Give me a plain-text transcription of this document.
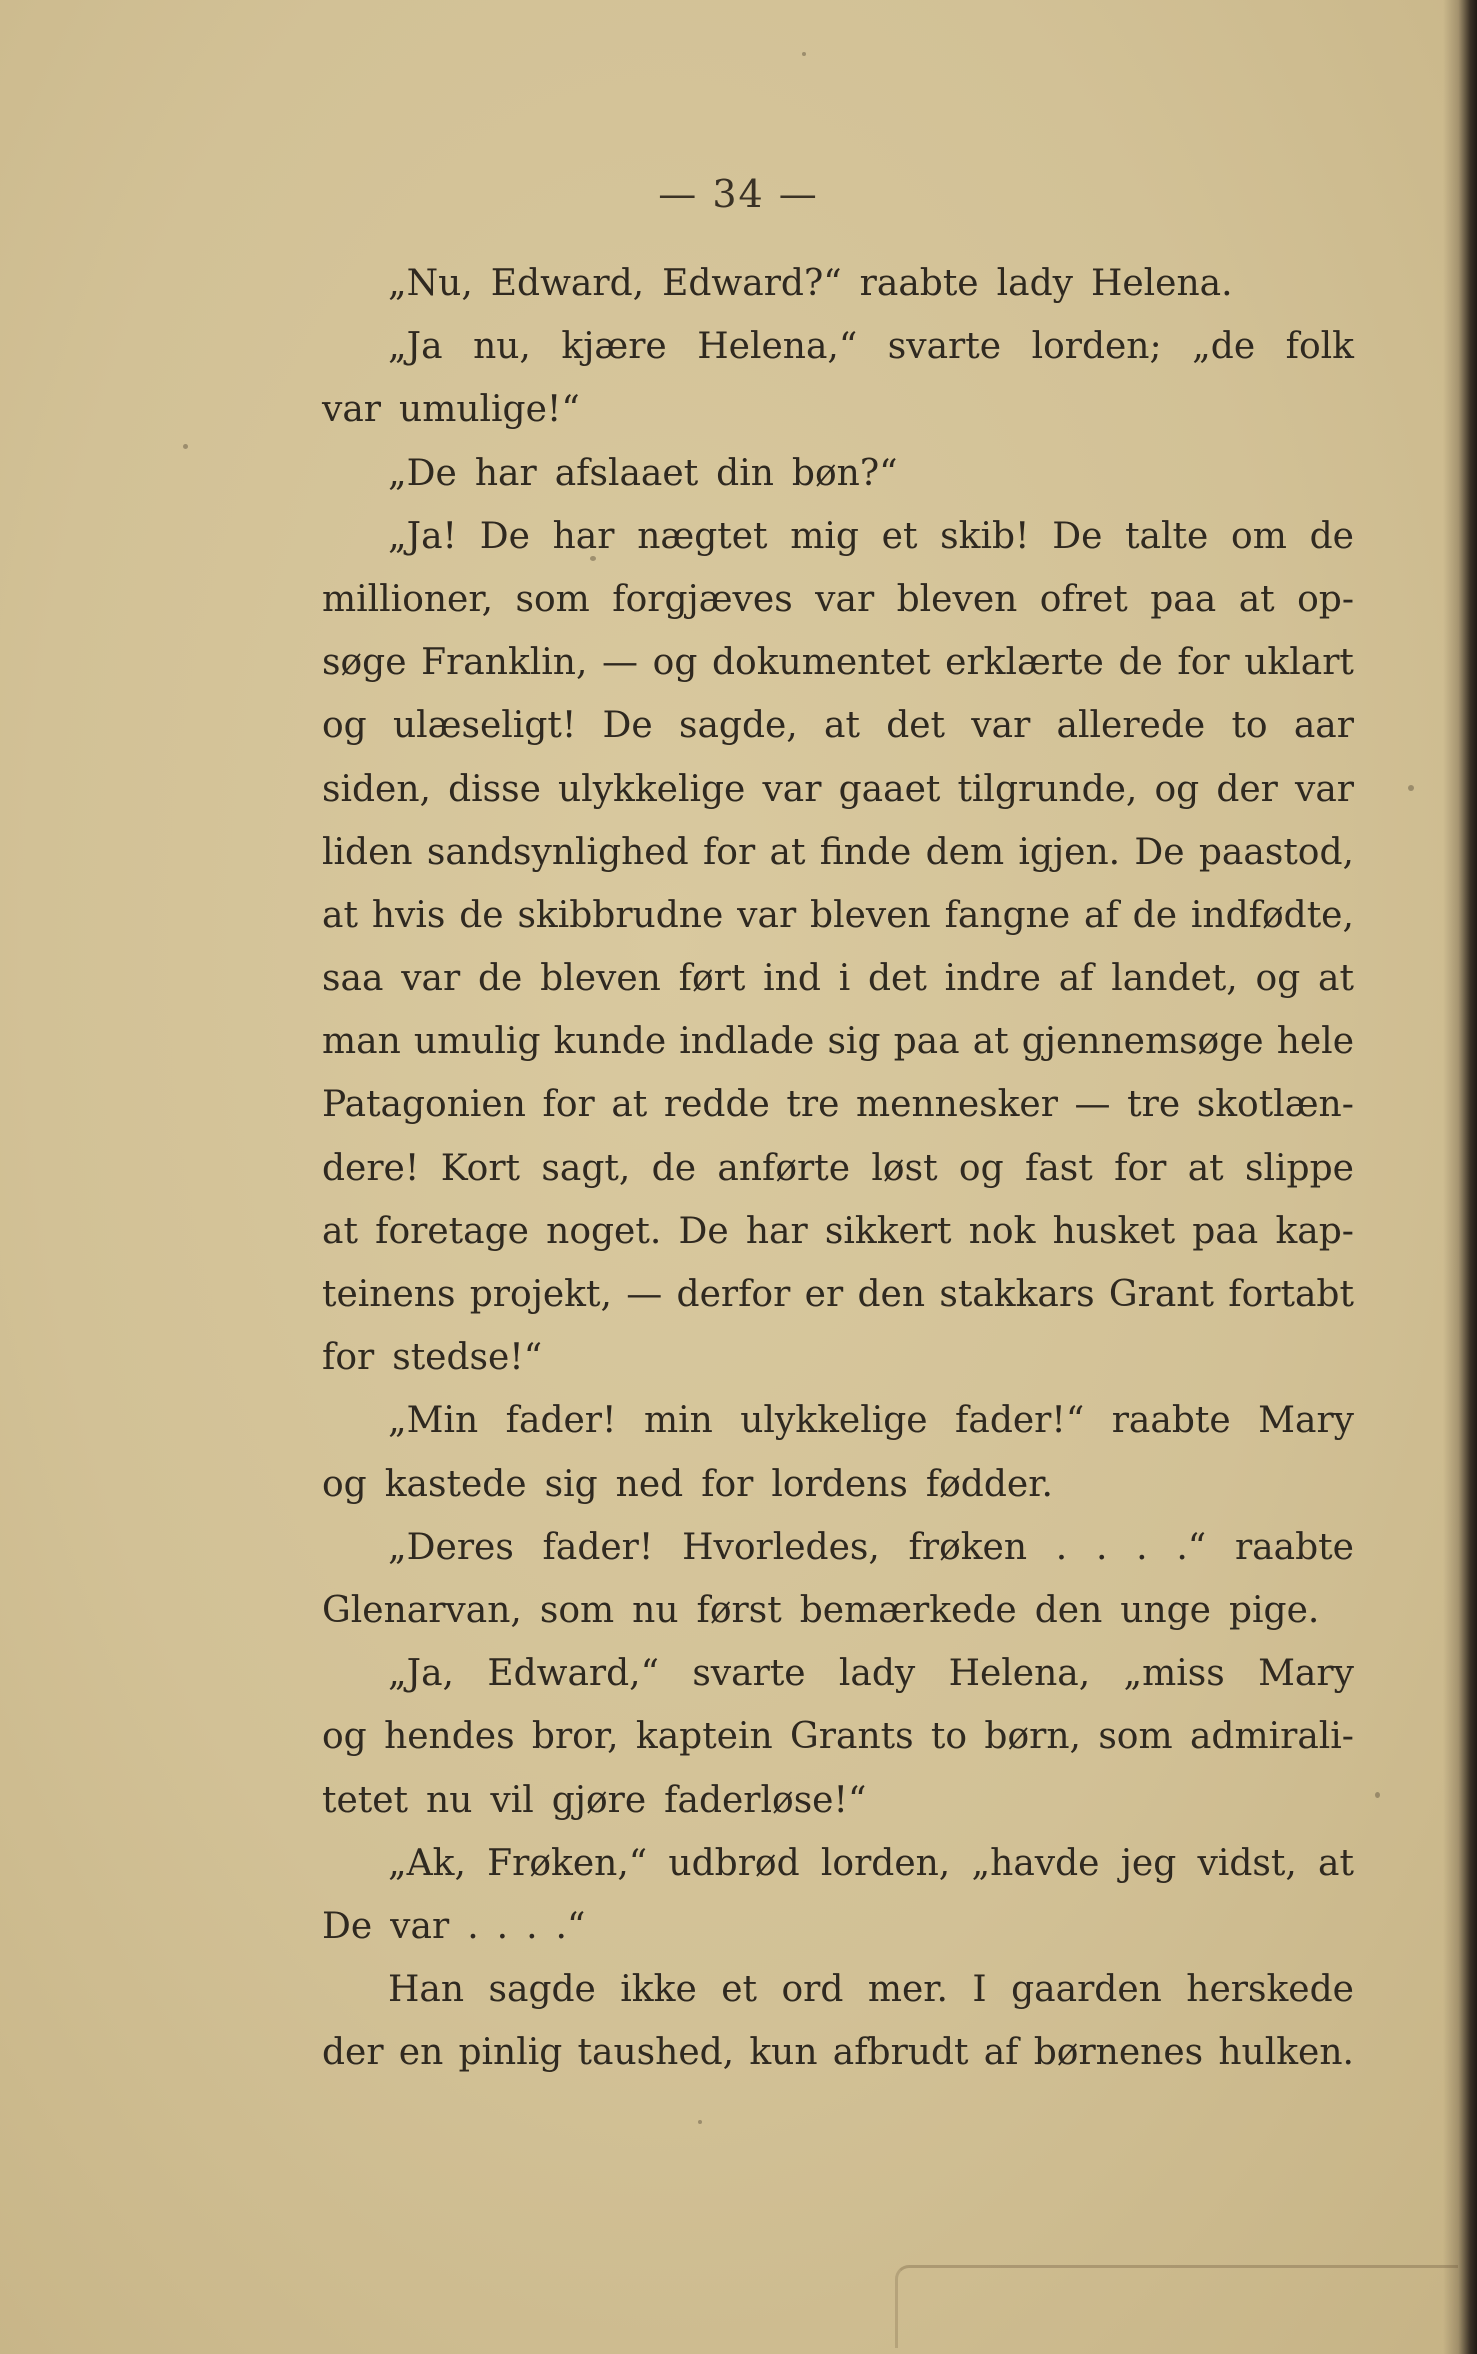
— 34 —
„Nu, Edward, Edward?“ raabte lady Helena.
„Ja nu, kjære Helena,“ svarte lorden; „de folk
var umulige!“
„De har afslaaet din bøn?“
„Ja! De har nægtet mig et skib! De talte om de
millioner, som forgjæves var bleven ofret paa at op-
søge Franklin, — og dokumentet erklærte de for uklart
og ulæseligt! De sagde, at det var allerede to aar
siden, disse ulykkelige var gaaet tilgrunde, og der var
liden sandsynlighed for at finde dem igjen. De paastod,
at hvis de skibbrudne var bleven fangne af de indfødte,
saa var de bleven ført ind i det indre af landet, og at
man umulig kunde indlade sig paa at gjennemsøge hele
Patagonien for at redde tre mennesker — tre skotlæn-
dere! Kort sagt, de anførte løst og fast for at slippe
at foretage noget. De har sikkert nok husket paa kap-
teinens projekt, — derfor er den stakkars Grant fortabt
for stedse!“
„Min fader! min ulykkelige fader!“ raabte Mary
og kastede sig ned for lordens fødder.
„Deres fader! Hvorledes, frøken . . . .“ raabte
Glenarvan, som nu først bemærkede den unge pige.
„Ja, Edward,“ svarte lady Helena, „miss Mary
og hendes bror, kaptein Grants to børn, som admirali-
tetet nu vil gjøre faderløse!“
„Ak, Frøken,“ udbrød lorden, „havde jeg vidst, at
De var . . . .“
Han sagde ikke et ord mer. I gaarden herskede
der en pinlig taushed, kun afbrudt af børnenes hulken.
